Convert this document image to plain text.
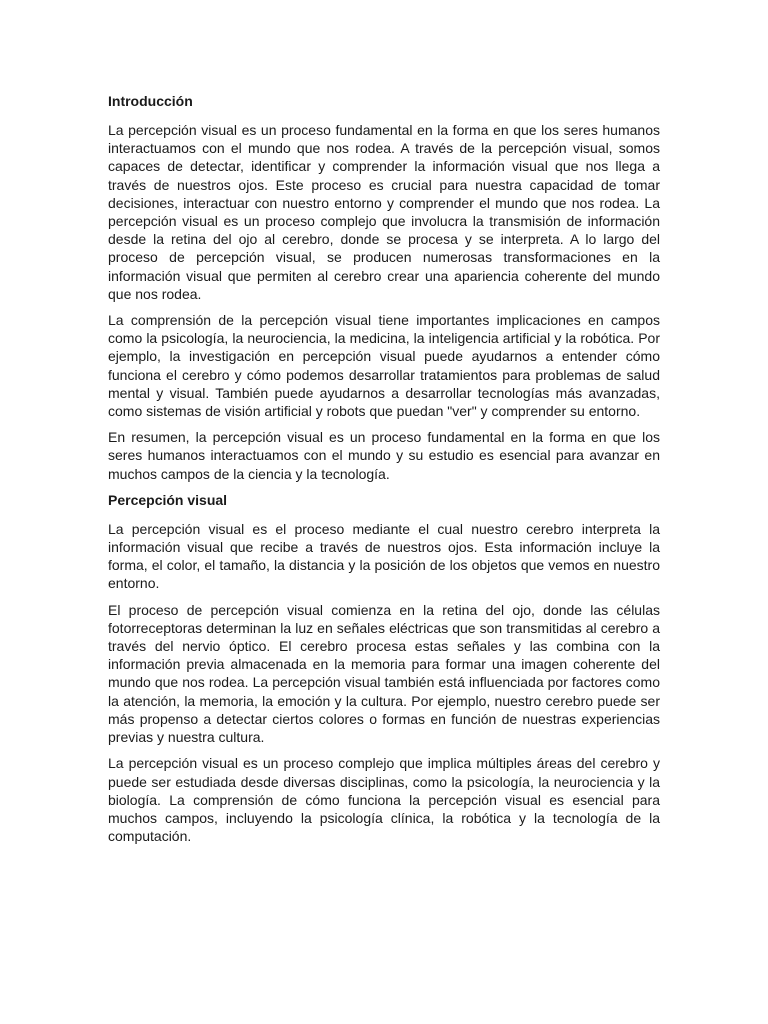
Introducción

La percepción visual es un proceso fundamental en la forma en que los seres humanos interactuamos con el mundo que nos rodea. A través de la percepción visual, somos capaces de detectar, identificar y comprender la información visual que nos llega a través de nuestros ojos. Este proceso es crucial para nuestra capacidad de tomar decisiones, interactuar con nuestro entorno y comprender el mundo que nos rodea. La percepción visual es un proceso complejo que involucra la transmisión de información desde la retina del ojo al cerebro, donde se procesa y se interpreta. A lo largo del proceso de percepción visual, se producen numerosas transformaciones en la información visual que permiten al cerebro crear una apariencia coherente del mundo que nos rodea.

La comprensión de la percepción visual tiene importantes implicaciones en campos como la psicología, la neurociencia, la medicina, la inteligencia artificial y la robótica. Por ejemplo, la investigación en percepción visual puede ayudarnos a entender cómo funciona el cerebro y cómo podemos desarrollar tratamientos para problemas de salud mental y visual. También puede ayudarnos a desarrollar tecnologías más avanzadas, como sistemas de visión artificial y robots que puedan "ver" y comprender su entorno.

En resumen, la percepción visual es un proceso fundamental en la forma en que los seres humanos interactuamos con el mundo y su estudio es esencial para avanzar en muchos campos de la ciencia y la tecnología.

Percepción visual

La percepción visual es el proceso mediante el cual nuestro cerebro interpreta la información visual que recibe a través de nuestros ojos. Esta información incluye la forma, el color, el tamaño, la distancia y la posición de los objetos que vemos en nuestro entorno.

El proceso de percepción visual comienza en la retina del ojo, donde las células fotorreceptoras determinan la luz en señales eléctricas que son transmitidas al cerebro a través del nervio óptico. El cerebro procesa estas señales y las combina con la información previa almacenada en la memoria para formar una imagen coherente del mundo que nos rodea. La percepción visual también está influenciada por factores como la atención, la memoria, la emoción y la cultura. Por ejemplo, nuestro cerebro puede ser más propenso a detectar ciertos colores o formas en función de nuestras experiencias previas y nuestra cultura.

La percepción visual es un proceso complejo que implica múltiples áreas del cerebro y puede ser estudiada desde diversas disciplinas, como la psicología, la neurociencia y la biología. La comprensión de cómo funciona la percepción visual es esencial para muchos campos, incluyendo la psicología clínica, la robótica y la tecnología de la computación.
